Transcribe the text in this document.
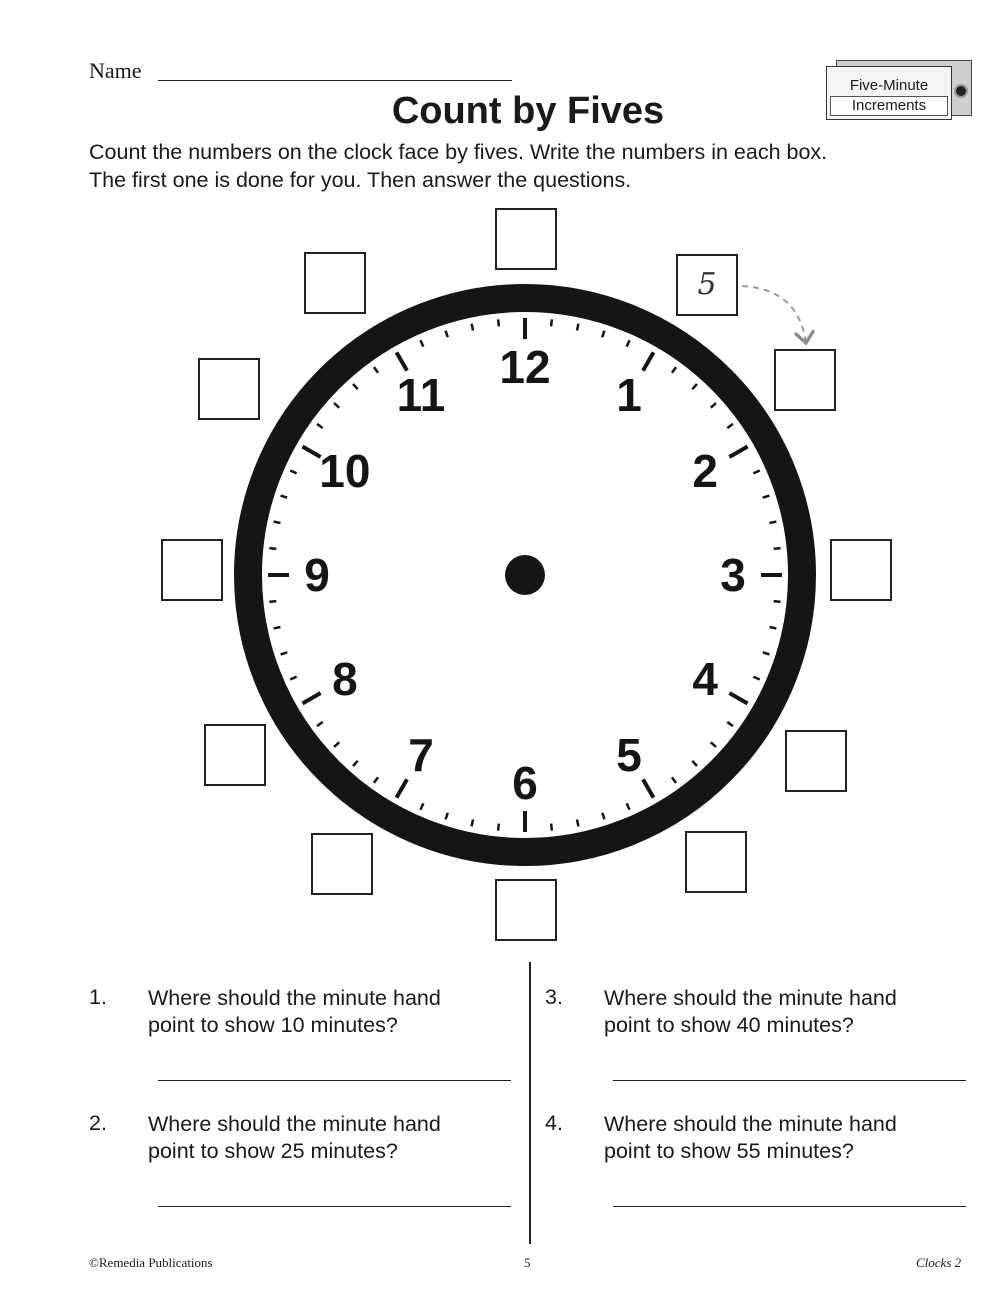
Name
Five-Minute
Increments
Count by Fives
Count the numbers on the clock face by fives. Write the numbers in each box.
The first one is done for you. Then answer the questions.
12
1
2
3
4
5
6
7
8
9
10
11
5
1. Where should the minute hand
point to show 10 minutes?
2. Where should the minute hand
point to show 25 minutes?
3. Where should the minute hand
point to show 40 minutes?
4. Where should the minute hand
point to show 55 minutes?
©Remedia Publications	5	Clocks 2
